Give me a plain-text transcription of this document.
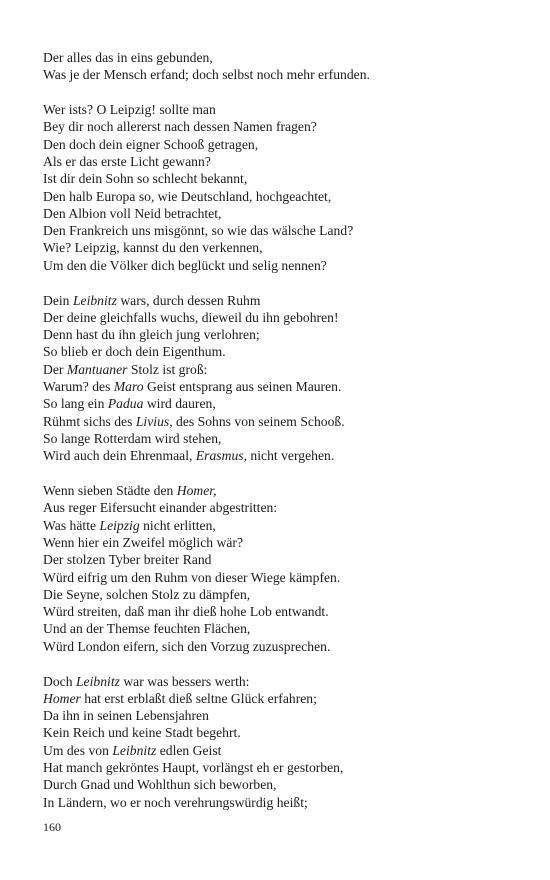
Der alles das in eins gebunden,
Was je der Mensch erfand; doch selbst noch mehr erfunden.
Wer ists? O Leipzig! sollte man
Bey dir noch allererst nach dessen Namen fragen?
Den doch dein eigner Schooß getragen,
Als er das erste Licht gewann?
Ist dir dein Sohn so schlecht bekannt,
Den halb Europa so, wie Deutschland, hochgeachtet,
Den Albion voll Neid betrachtet,
Den Frankreich uns misgönnt, so wie das wälsche Land?
Wie? Leipzig, kannst du den verkennen,
Um den die Völker dich beglückt und selig nennen?
Dein Leibnitz wars, durch dessen Ruhm
Der deine gleichfalls wuchs, dieweil du ihn gebohren!
Denn hast du ihn gleich jung verlohren;
So blieb er doch dein Eigenthum.
Der Mantuaner Stolz ist groß:
Warum? des Maro Geist entsprang aus seinen Mauren.
So lang ein Padua wird dauren,
Rühmt sichs des Livius, des Sohns von seinem Schooß.
So lange Rotterdam wird stehen,
Wird auch dein Ehrenmaal, Erasmus, nicht vergehen.
Wenn sieben Städte den Homer,
Aus reger Eifersucht einander abgestritten:
Was hätte Leipzig nicht erlitten,
Wenn hier ein Zweifel möglich wär?
Der stolzen Tyber breiter Rand
Würd eifrig um den Ruhm von dieser Wiege kämpfen.
Die Seyne, solchen Stolz zu dämpfen,
Würd streiten, daß man ihr dieß hohe Lob entwandt.
Und an der Themse feuchten Flächen,
Würd London eifern, sich den Vorzug zuzusprechen.
Doch Leibnitz war was bessers werth:
Homer hat erst erblaßt dieß seltne Glück erfahren;
Da ihn in seinen Lebensjahren
Kein Reich und keine Stadt begehrt.
Um des von Leibnitz edlen Geist
Hat manch gekröntes Haupt, vorlängst eh er gestorben,
Durch Gnad und Wohlthun sich beworben,
In Ländern, wo er noch verehrungswürdig heißt;
160
